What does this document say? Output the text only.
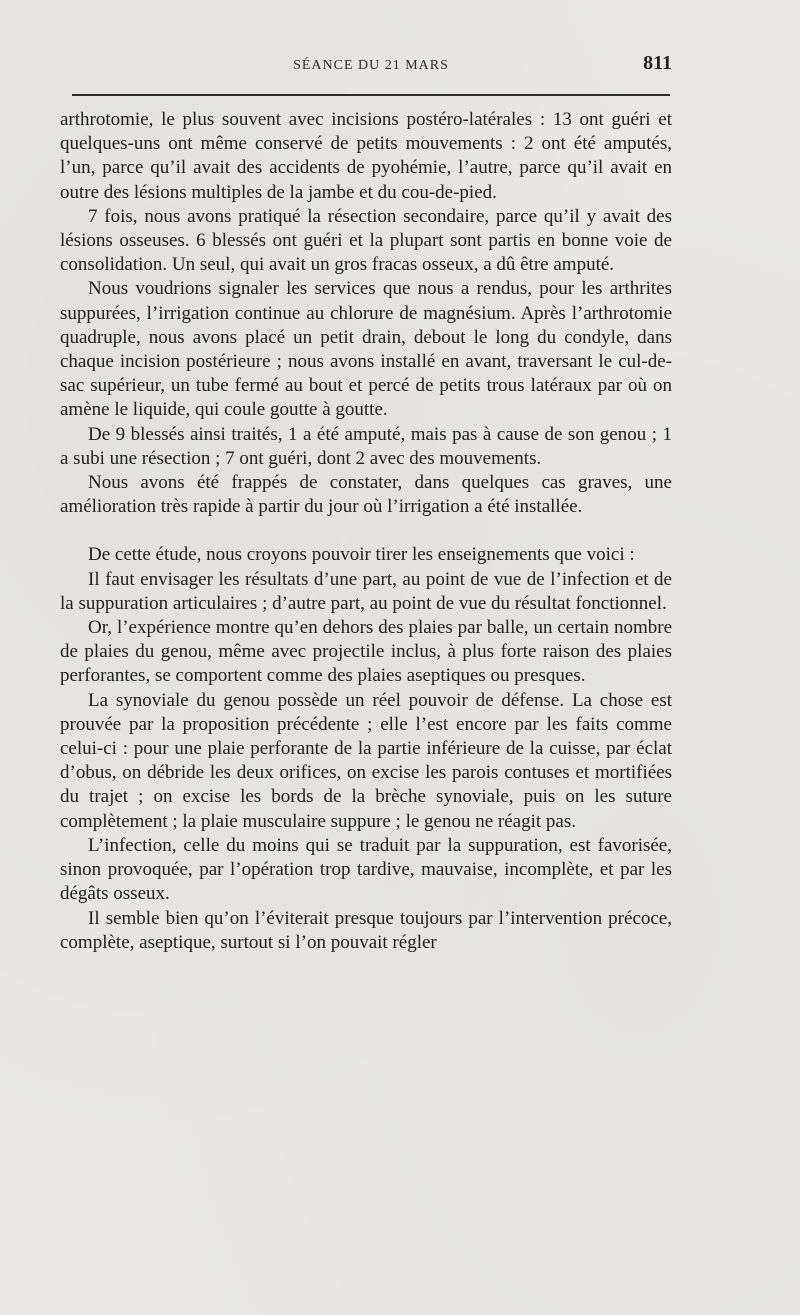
SÉANCE DU 21 MARS	811

arthrotomie, le plus souvent avec incisions postéro-latérales : 13 ont guéri et quelques-uns ont même conservé de petits mouvements : 2 ont été amputés, l’un, parce qu’il avait des accidents de pyohémie, l’autre, parce qu’il avait en outre des lésions multiples de la jambe et du cou-de-pied.

7 fois, nous avons pratiqué la résection secondaire, parce qu’il y avait des lésions osseuses. 6 blessés ont guéri et la plupart sont partis en bonne voie de consolidation. Un seul, qui avait un gros fracas osseux, a dû être amputé.

Nous voudrions signaler les services que nous a rendus, pour les arthrites suppurées, l’irrigation continue au chlorure de magnésium. Après l’arthrotomie quadruple, nous avons placé un petit drain, debout le long du condyle, dans chaque incision postérieure ; nous avons installé en avant, traversant le cul-de-sac supérieur, un tube fermé au bout et percé de petits trous latéraux par où on amène le liquide, qui coule goutte à goutte.

De 9 blessés ainsi traités, 1 a été amputé, mais pas à cause de son genou ; 1 a subi une résection ; 7 ont guéri, dont 2 avec des mouvements.

Nous avons été frappés de constater, dans quelques cas graves, une amélioration très rapide à partir du jour où l’irrigation a été installée.

De cette étude, nous croyons pouvoir tirer les enseignements que voici :

Il faut envisager les résultats d’une part, au point de vue de l’infection et de la suppuration articulaires ; d’autre part, au point de vue du résultat fonctionnel.

Or, l’expérience montre qu’en dehors des plaies par balle, un certain nombre de plaies du genou, même avec projectile inclus, à plus forte raison des plaies perforantes, se comportent comme des plaies aseptiques ou presques.

La synoviale du genou possède un réel pouvoir de défense. La chose est prouvée par la proposition précédente ; elle l’est encore par les faits comme celui-ci : pour une plaie perforante de la partie inférieure de la cuisse, par éclat d’obus, on débride les deux orifices, on excise les parois contuses et mortifiées du trajet ; on excise les bords de la brèche synoviale, puis on les suture complètement ; la plaie musculaire suppure ; le genou ne réagit pas.

L’infection, celle du moins qui se traduit par la suppuration, est favorisée, sinon provoquée, par l’opération trop tardive, mauvaise, incomplète, et par les dégâts osseux.

Il semble bien qu’on l’éviterait presque toujours par l’intervention précoce, complète, aseptique, surtout si l’on pouvait régler
